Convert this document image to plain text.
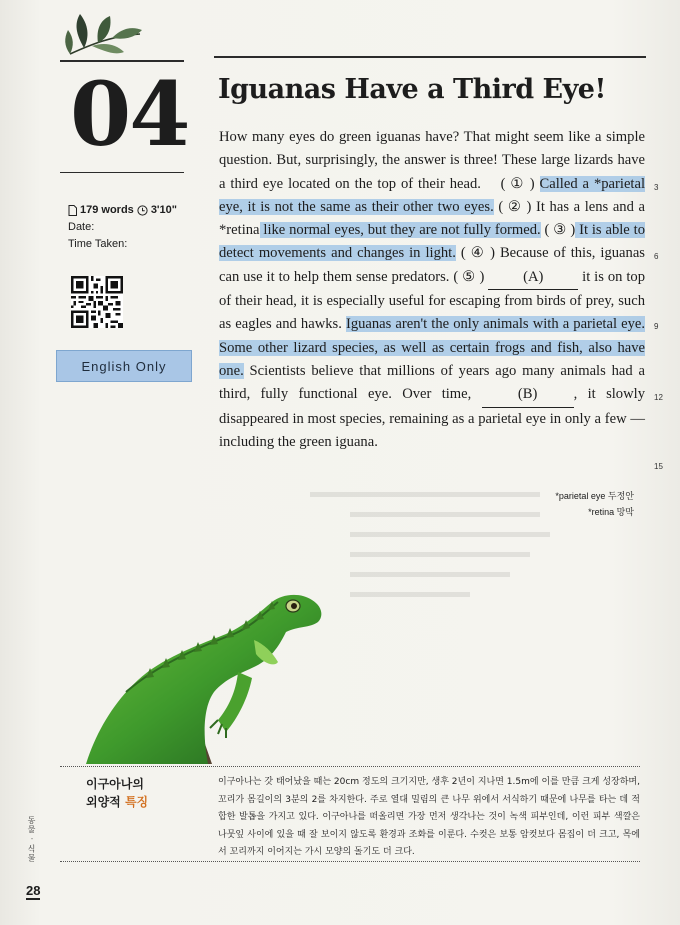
04
179 words 3'10"
Date:
Time Taken:
English Only
Iguanas Have a Third Eye!
How many eyes do green iguanas have? That might seem like a simple question. But, surprisingly, the answer is three! These large lizards have a third eye located on the top of their head. ( ① ) Called a *parietal eye, it is not the same as their other two eyes. ( ② ) It has a lens and a *retina like normal eyes, but they are not fully formed. ( ③ ) It is able to detect movements and changes in light. ( ④ ) Because of this, iguanas can use it to help them sense predators. ( ⑤ )	(A) it is on top of their head, it is especially useful for escaping from birds of prey, such as eagles and hawks. Iguanas aren't the only animals with a parietal eye. Some other lizard species, as well as certain frogs and fish, also have one. Scientists believe that millions of years ago many animals had a third, fully functional eye. Over time, (B) , it slowly disappeared in most species, remaining as a parietal eye in only a few — including the green iguana.
3
6
9
12
15
*parietal eye 두정안
*retina 망막
이구아나의
외양적 특징
이구아나는 갓 태어났을 때는 20cm 정도의 크기지만, 생후 2년이 지나면 1.5m에 이를 만큼 크게 성장하며, 꼬리가 몸길이의 3분의 2를 차지한다. 주로 열대 밀림의 큰 나무 위에서 서식하기 때문에 나무를 타는 데 적합한 발톱을 가지고 있다. 이구아나를 떠올리면 가장 먼저 생각나는 것이 녹색 피부인데, 이런 피부 색깔은 나뭇잎 사이에 있을 때 잘 보이지 않도록 환경과 조화를 이룬다. 수컷은 보통 암컷보다 몸집이 더 크고, 목에서 꼬리까지 이어지는 가시 모양의 돌기도 더 크다.
동물 · 식물
28
